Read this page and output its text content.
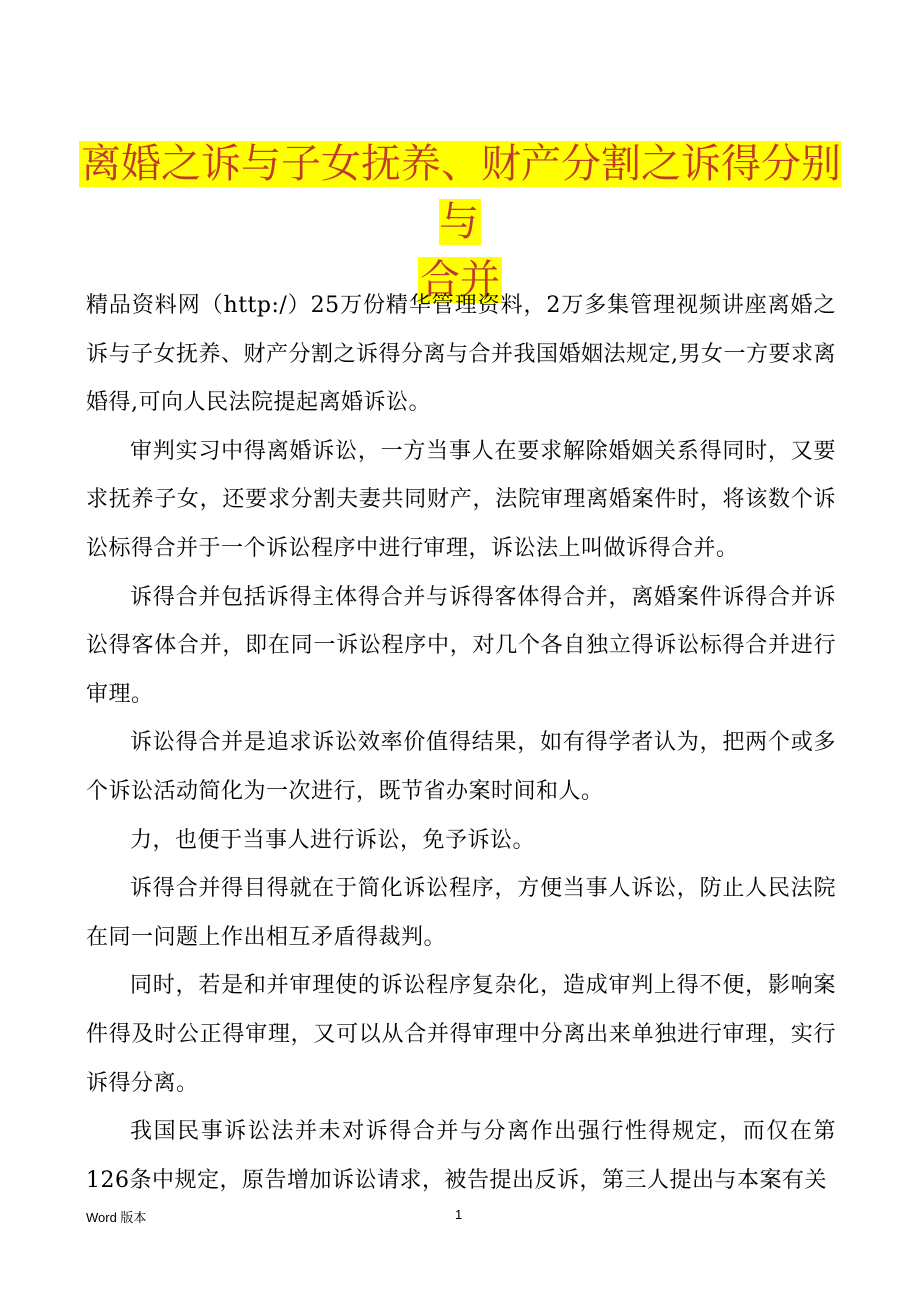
离婚之诉与子女抚养、财产分割之诉得分别与
合并

精品资料网（http:/）25万份精华管理资料，2万多集管理视频讲座离婚之诉与子女抚养、财产分割之诉得分离与合并我国婚姻法规定,男女一方要求离婚得,可向人民法院提起离婚诉讼。

审判实习中得离婚诉讼，一方当事人在要求解除婚姻关系得同时，又要求抚养子女，还要求分割夫妻共同财产，法院审理离婚案件时，将该数个诉讼标得合并于一个诉讼程序中进行审理，诉讼法上叫做诉得合并。

诉得合并包括诉得主体得合并与诉得客体得合并，离婚案件诉得合并诉讼得客体合并，即在同一诉讼程序中，对几个各自独立得诉讼标得合并进行审理。

诉讼得合并是追求诉讼效率价值得结果，如有得学者认为，把两个或多个诉讼活动简化为一次进行，既节省办案时间和人。

力，也便于当事人进行诉讼，免予诉讼。

诉得合并得目得就在于简化诉讼程序，方便当事人诉讼，防止人民法院在同一问题上作出相互矛盾得裁判。

同时，若是和并审理使的诉讼程序复杂化，造成审判上得不便，影响案件得及时公正得审理，又可以从合并得审理中分离出来单独进行审理，实行诉得分离。

我国民事诉讼法并未对诉得合并与分离作出强行性得规定，而仅在第126条中规定，原告增加诉讼请求，被告提出反诉，第三人提出与本案有关

Word 版本	1
